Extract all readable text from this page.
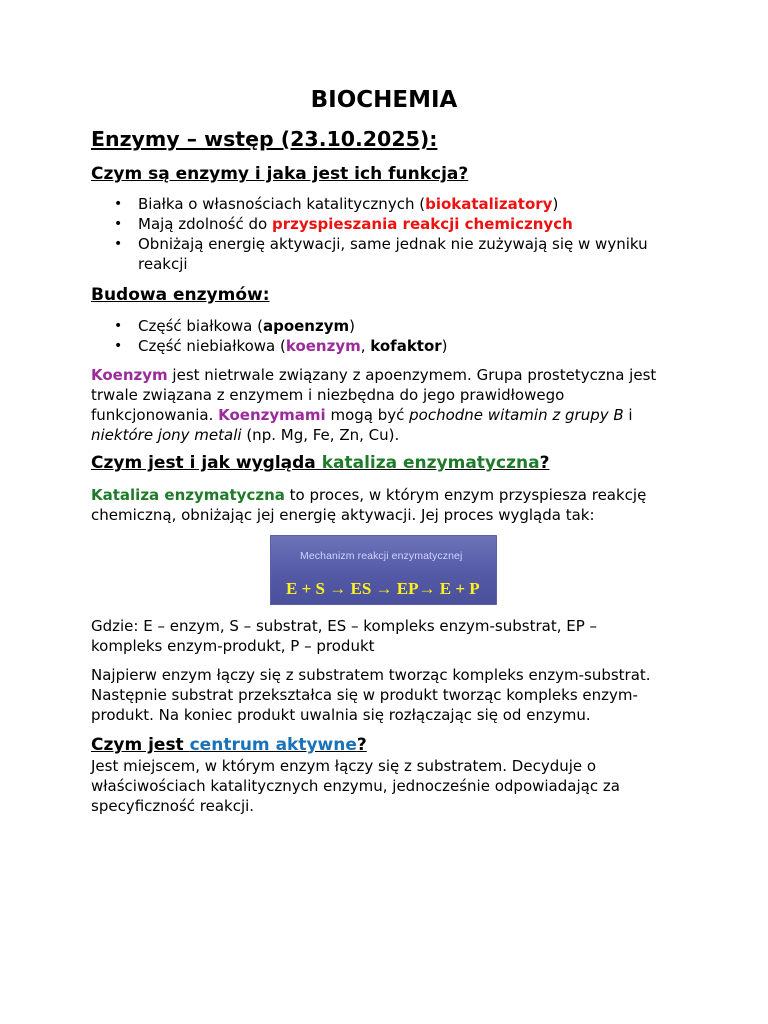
BIOCHEMIA
Enzymy – wstęp (23.10.2025):
Czym są enzymy i jaka jest ich funkcja?
• Białka o własnościach katalitycznych (biokatalizatory)
• Mają zdolność do przyspieszania reakcji chemicznych
• Obniżają energię aktywacji, same jednak nie zużywają się w wyniku
reakcji
Budowa enzymów:
• Część białkowa (apoenzym)
• Część niebiałkowa (koenzym, kofaktor)
Koenzym jest nietrwale związany z apoenzymem. Grupa prostetyczna jest
trwale związana z enzymem i niezbędna do jego prawidłowego
funkcjonowania. Koenzymami mogą być pochodne witamin z grupy B i
niektóre jony metali (np. Mg, Fe, Zn, Cu).
Czym jest i jak wygląda kataliza enzymatyczna?
Kataliza enzymatyczna to proces, w którym enzym przyspiesza reakcję
chemiczną, obniżając jej energię aktywacji. Jej proces wygląda tak:
Mechanizm reakcji enzymatycznej
E + S → ES → EP→ E + P
Gdzie: E – enzym, S – substrat, ES – kompleks enzym-substrat, EP –
kompleks enzym-produkt, P – produkt
Najpierw enzym łączy się z substratem tworząc kompleks enzym-substrat.
Następnie substrat przekształca się w produkt tworząc kompleks enzym-
produkt. Na koniec produkt uwalnia się rozłączając się od enzymu.
Czym jest centrum aktywne?
Jest miejscem, w którym enzym łączy się z substratem. Decyduje o
właściwościach katalitycznych enzymu, jednocześnie odpowiadając za
specyficzność reakcji.
